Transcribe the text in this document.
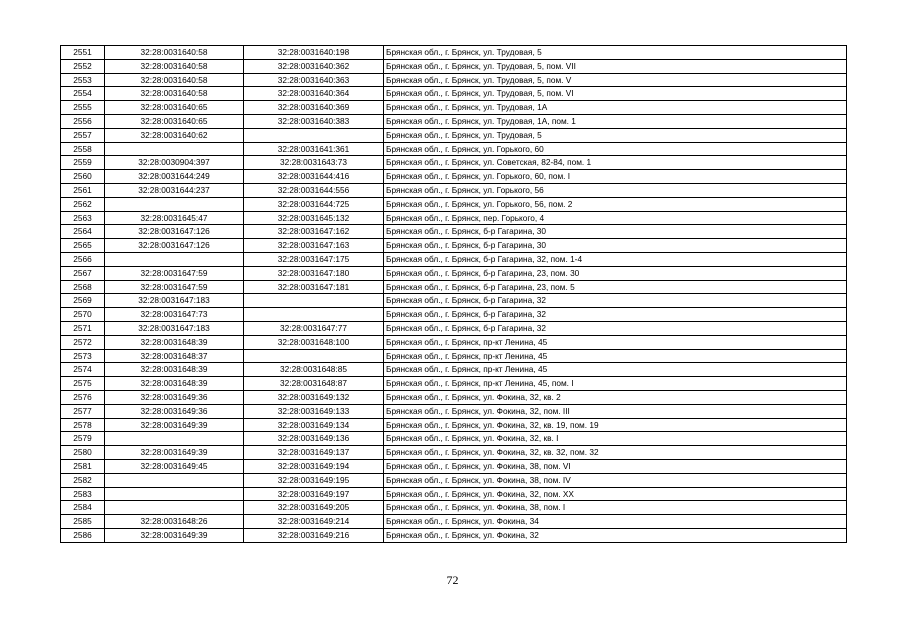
2551	32:28:0031640:58	32:28:0031640:198	Брянская обл., г. Брянск, ул. Трудовая, 5
2552	32:28:0031640:58	32:28:0031640:362	Брянская обл., г. Брянск, ул. Трудовая, 5, пом. VII
2553	32:28:0031640:58	32:28:0031640:363	Брянская обл., г. Брянск, ул. Трудовая, 5, пом. V
2554	32:28:0031640:58	32:28:0031640:364	Брянская обл., г. Брянск, ул. Трудовая, 5, пом. VI
2555	32:28:0031640:65	32:28:0031640:369	Брянская обл., г. Брянск, ул. Трудовая, 1А
2556	32:28:0031640:65	32:28:0031640:383	Брянская обл., г. Брянск, ул. Трудовая, 1А, пом. 1
2557	32:28:0031640:62		Брянская обл., г. Брянск, ул. Трудовая, 5
2558		32:28:0031641:361	Брянская обл., г. Брянск, ул. Горького, 60
2559	32:28:0030904:397	32:28:0031643:73	Брянская обл., г. Брянск, ул. Советская, 82-84, пом. 1
2560	32:28:0031644:249	32:28:0031644:416	Брянская обл., г. Брянск, ул. Горького, 60, пом. I
2561	32:28:0031644:237	32:28:0031644:556	Брянская обл., г. Брянск, ул. Горького, 56
2562		32:28:0031644:725	Брянская обл., г. Брянск, ул. Горького, 56, пом. 2
2563	32:28:0031645:47	32:28:0031645:132	Брянская обл., г. Брянск, пер. Горького, 4
2564	32:28:0031647:126	32:28:0031647:162	Брянская обл., г. Брянск, б-р Гагарина, 30
2565	32:28:0031647:126	32:28:0031647:163	Брянская обл., г. Брянск, б-р Гагарина, 30
2566		32:28:0031647:175	Брянская обл., г. Брянск, б-р Гагарина, 32, пом. 1-4
2567	32:28:0031647:59	32:28:0031647:180	Брянская обл., г. Брянск, б-р Гагарина, 23, пом. 30
2568	32:28:0031647:59	32:28:0031647:181	Брянская обл., г. Брянск, б-р Гагарина, 23, пом. 5
2569	32:28:0031647:183		Брянская обл., г. Брянск, б-р Гагарина, 32
2570	32:28:0031647:73		Брянская обл., г. Брянск, б-р Гагарина, 32
2571	32:28:0031647:183	32:28:0031647:77	Брянская обл., г. Брянск, б-р Гагарина, 32
2572	32:28:0031648:39	32:28:0031648:100	Брянская обл., г. Брянск, пр-кт Ленина, 45
2573	32:28:0031648:37		Брянская обл., г. Брянск, пр-кт Ленина, 45
2574	32:28:0031648:39	32:28:0031648:85	Брянская обл., г. Брянск, пр-кт Ленина, 45
2575	32:28:0031648:39	32:28:0031648:87	Брянская обл., г. Брянск, пр-кт Ленина, 45, пом. I
2576	32:28:0031649:36	32:28:0031649:132	Брянская обл., г. Брянск, ул. Фокина, 32, кв. 2
2577	32:28:0031649:36	32:28:0031649:133	Брянская обл., г. Брянск, ул. Фокина, 32, пом. III
2578	32:28:0031649:39	32:28:0031649:134	Брянская обл., г. Брянск, ул. Фокина, 32, кв. 19, пом. 19
2579		32:28:0031649:136	Брянская обл., г. Брянск, ул. Фокина, 32, кв. I
2580	32:28:0031649:39	32:28:0031649:137	Брянская обл., г. Брянск, ул. Фокина, 32, кв. 32, пом. 32
2581	32:28:0031649:45	32:28:0031649:194	Брянская обл., г. Брянск, ул. Фокина, 38, пом. VI
2582		32:28:0031649:195	Брянская обл., г. Брянск, ул. Фокина, 38, пом. IV
2583		32:28:0031649:197	Брянская обл., г. Брянск, ул. Фокина, 32, пом. XX
2584		32:28:0031649:205	Брянская обл., г. Брянск, ул. Фокина, 38, пом. I
2585	32:28:0031648:26	32:28:0031649:214	Брянская обл., г. Брянск, ул. Фокина, 34
2586	32:28:0031649:39	32:28:0031649:216	Брянская обл., г. Брянск, ул. Фокина, 32
72
